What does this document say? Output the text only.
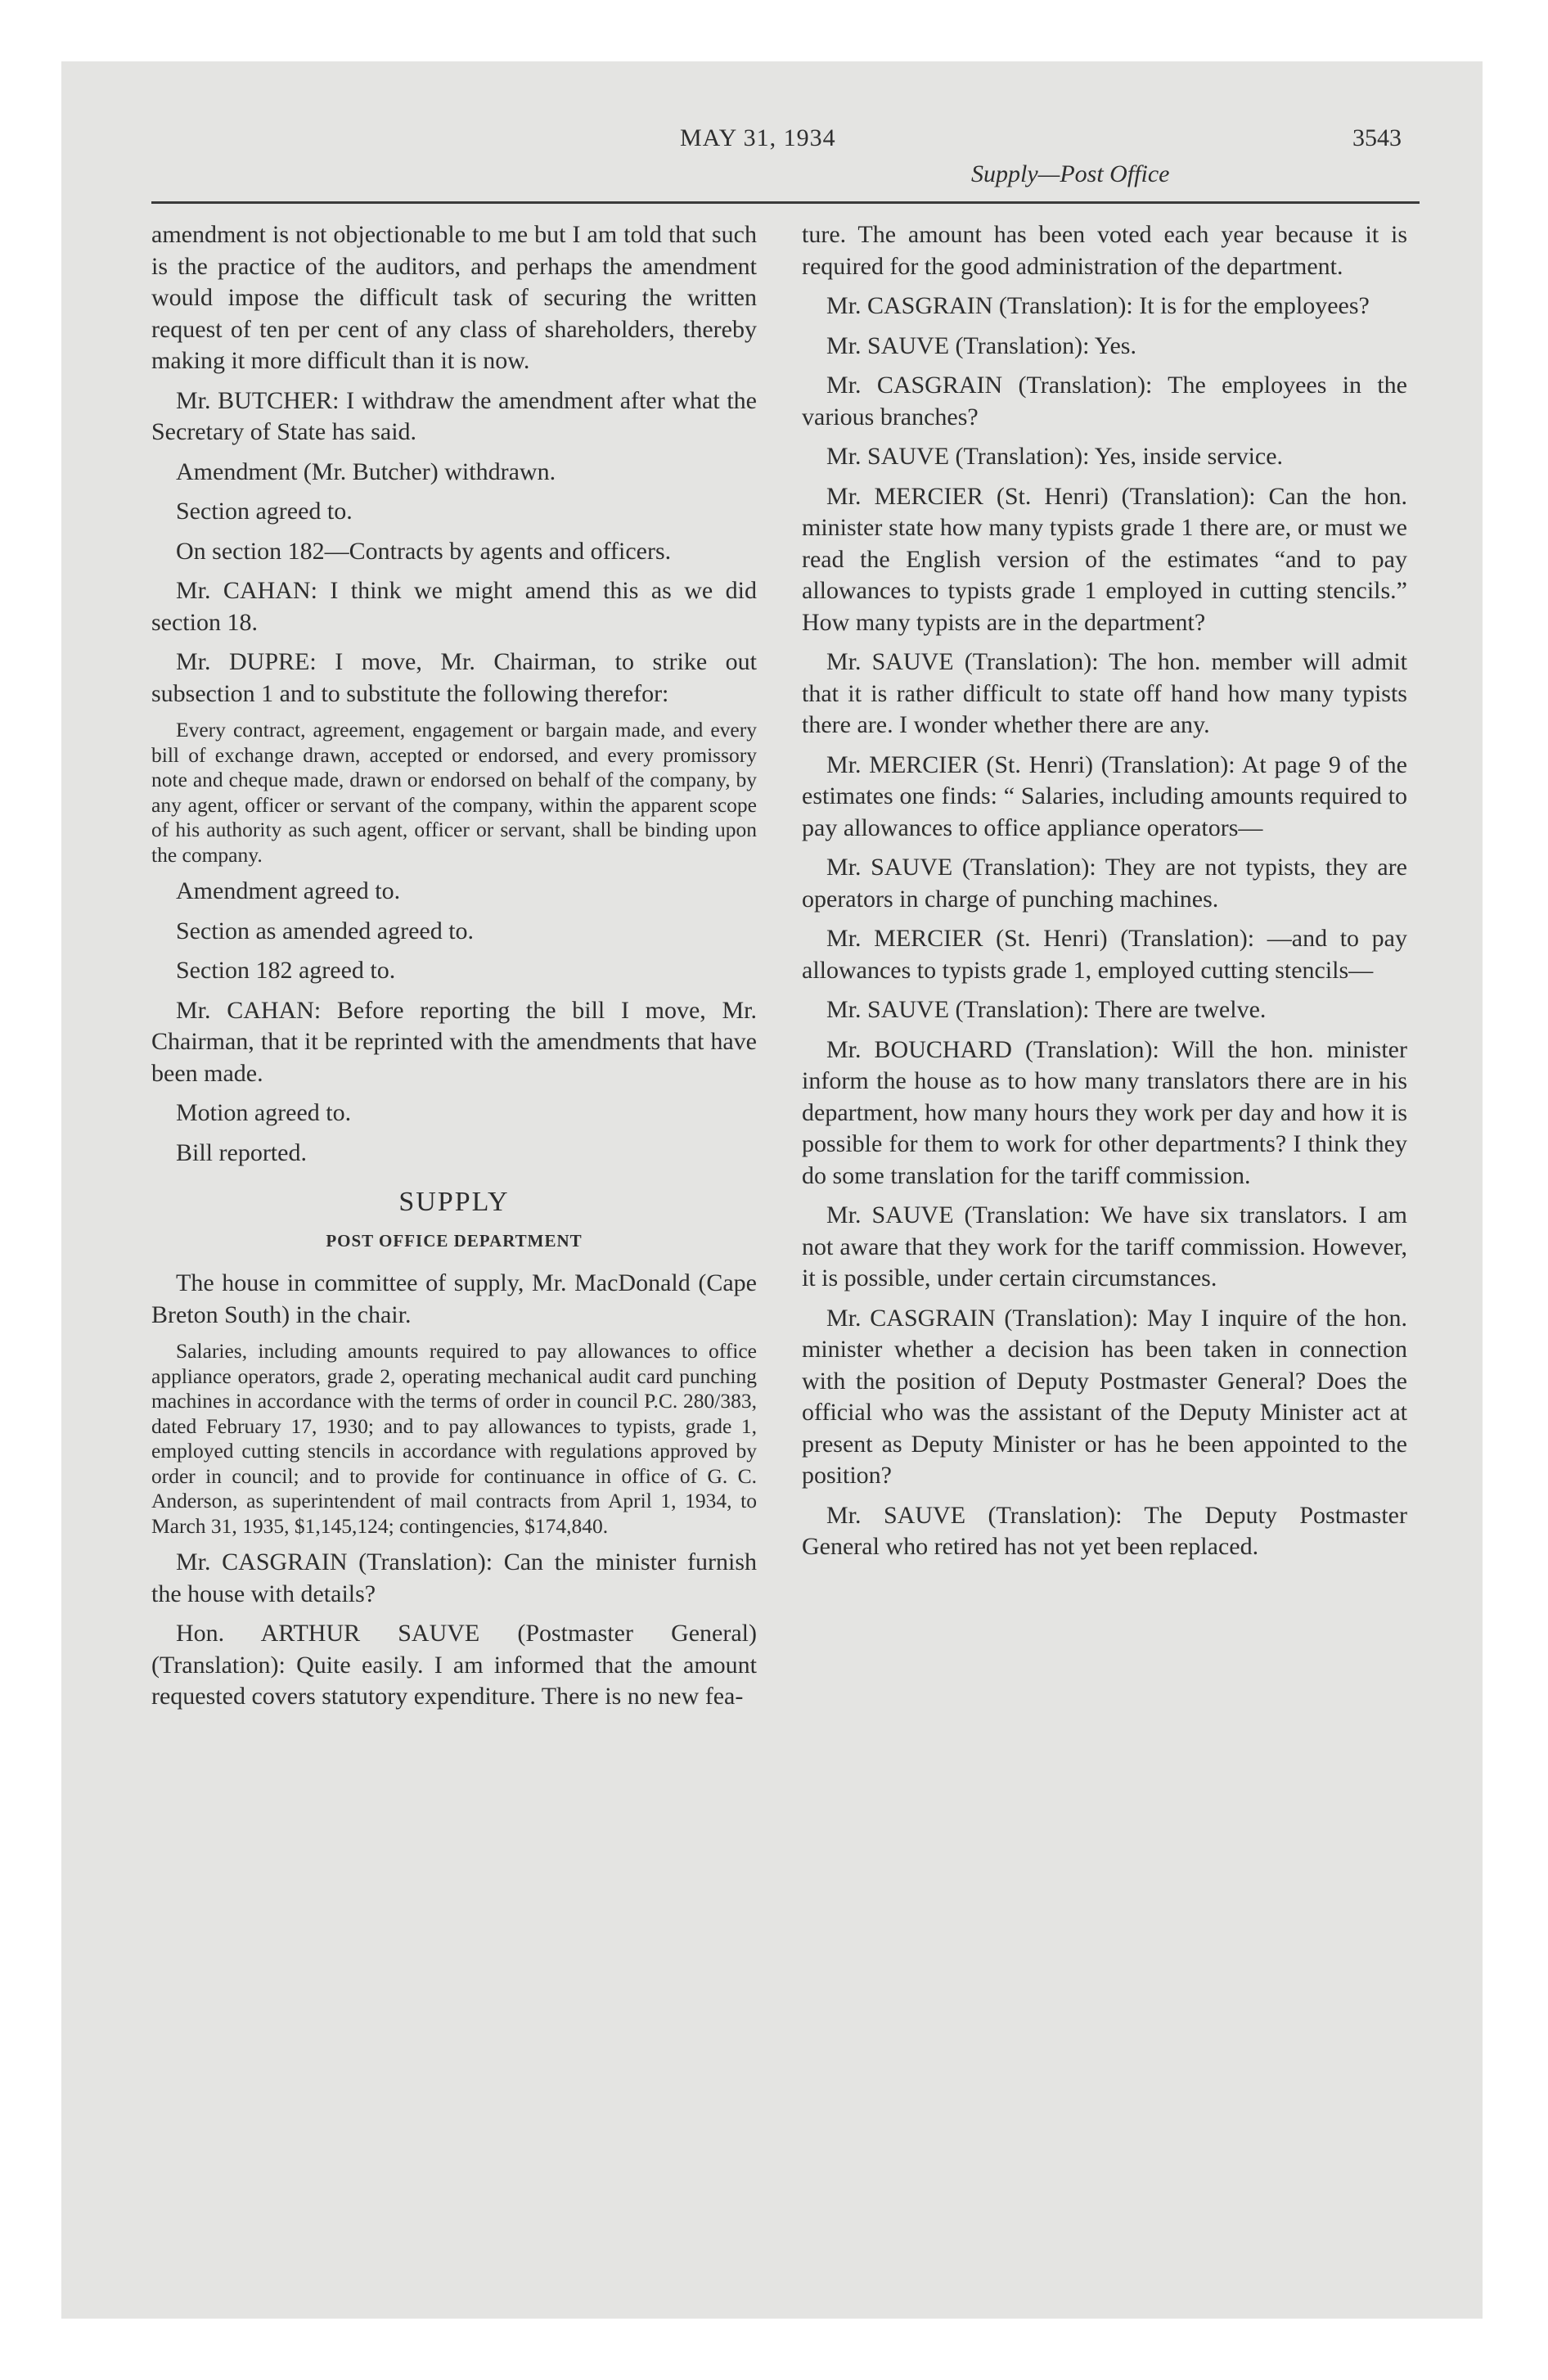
MAY 31, 1934
Supply—Post Office
3543

amendment is not objectionable to me but I am told that such is the practice of the auditors, and perhaps the amendment would impose the difficult task of securing the written request of ten per cent of any class of shareholders, thereby making it more difficult than it is now.

Mr. BUTCHER: I withdraw the amendment after what the Secretary of State has said.

Amendment (Mr. Butcher) withdrawn.

Section agreed to.

On section 182—Contracts by agents and officers.

Mr. CAHAN: I think we might amend this as we did section 18.

Mr. DUPRE: I move, Mr. Chairman, to strike out subsection 1 and to substitute the following therefor:

Every contract, agreement, engagement or bargain made, and every bill of exchange drawn, accepted or endorsed, and every promissory note and cheque made, drawn or endorsed on behalf of the company, by any agent, officer or servant of the company, within the apparent scope of his authority as such agent, officer or servant, shall be binding upon the company.

Amendment agreed to.

Section as amended agreed to.

Section 182 agreed to.

Mr. CAHAN: Before reporting the bill I move, Mr. Chairman, that it be reprinted with the amendments that have been made.

Motion agreed to.

Bill reported.

SUPPLY
POST OFFICE DEPARTMENT

The house in committee of supply, Mr. MacDonald (Cape Breton South) in the chair.

Salaries, including amounts required to pay allowances to office appliance operators, grade 2, operating mechanical audit card punching machines in accordance with the terms of order in council P.C. 280/383, dated February 17, 1930; and to pay allowances to typists, grade 1, employed cutting stencils in accordance with regulations approved by order in council; and to provide for continuance in office of G. C. Anderson, as superintendent of mail contracts from April 1, 1934, to March 31, 1935, $1,145,124; contingencies, $174,840.

Mr. CASGRAIN (Translation): Can the minister furnish the house with details?

Hon. ARTHUR SAUVE (Postmaster General) (Translation): Quite easily. I am informed that the amount requested covers statutory expenditure. There is no new fea-

ture. The amount has been voted each year because it is required for the good administration of the department.

Mr. CASGRAIN (Translation): It is for the employees?

Mr. SAUVE (Translation): Yes.

Mr. CASGRAIN (Translation): The employees in the various branches?

Mr. SAUVE (Translation): Yes, inside service.

Mr. MERCIER (St. Henri) (Translation): Can the hon. minister state how many typists grade 1 there are, or must we read the English version of the estimates “and to pay allowances to typists grade 1 employed in cutting stencils.” How many typists are in the department?

Mr. SAUVE (Translation): The hon. member will admit that it is rather difficult to state off hand how many typists there are. I wonder whether there are any.

Mr. MERCIER (St. Henri) (Translation): At page 9 of the estimates one finds: “ Salaries, including amounts required to pay allowances to office appliance operators—

Mr. SAUVE (Translation): They are not typists, they are operators in charge of punching machines.

Mr. MERCIER (St. Henri) (Translation): —and to pay allowances to typists grade 1, employed cutting stencils—

Mr. SAUVE (Translation): There are twelve.

Mr. BOUCHARD (Translation): Will the hon. minister inform the house as to how many translators there are in his department, how many hours they work per day and how it is possible for them to work for other departments? I think they do some translation for the tariff commission.

Mr. SAUVE (Translation: We have six translators. I am not aware that they work for the tariff commission. However, it is possible, under certain circumstances.

Mr. CASGRAIN (Translation): May I inquire of the hon. minister whether a decision has been taken in connection with the position of Deputy Postmaster General? Does the official who was the assistant of the Deputy Minister act at present as Deputy Minister or has he been appointed to the position?

Mr. SAUVE (Translation): The Deputy Postmaster General who retired has not yet been replaced.
